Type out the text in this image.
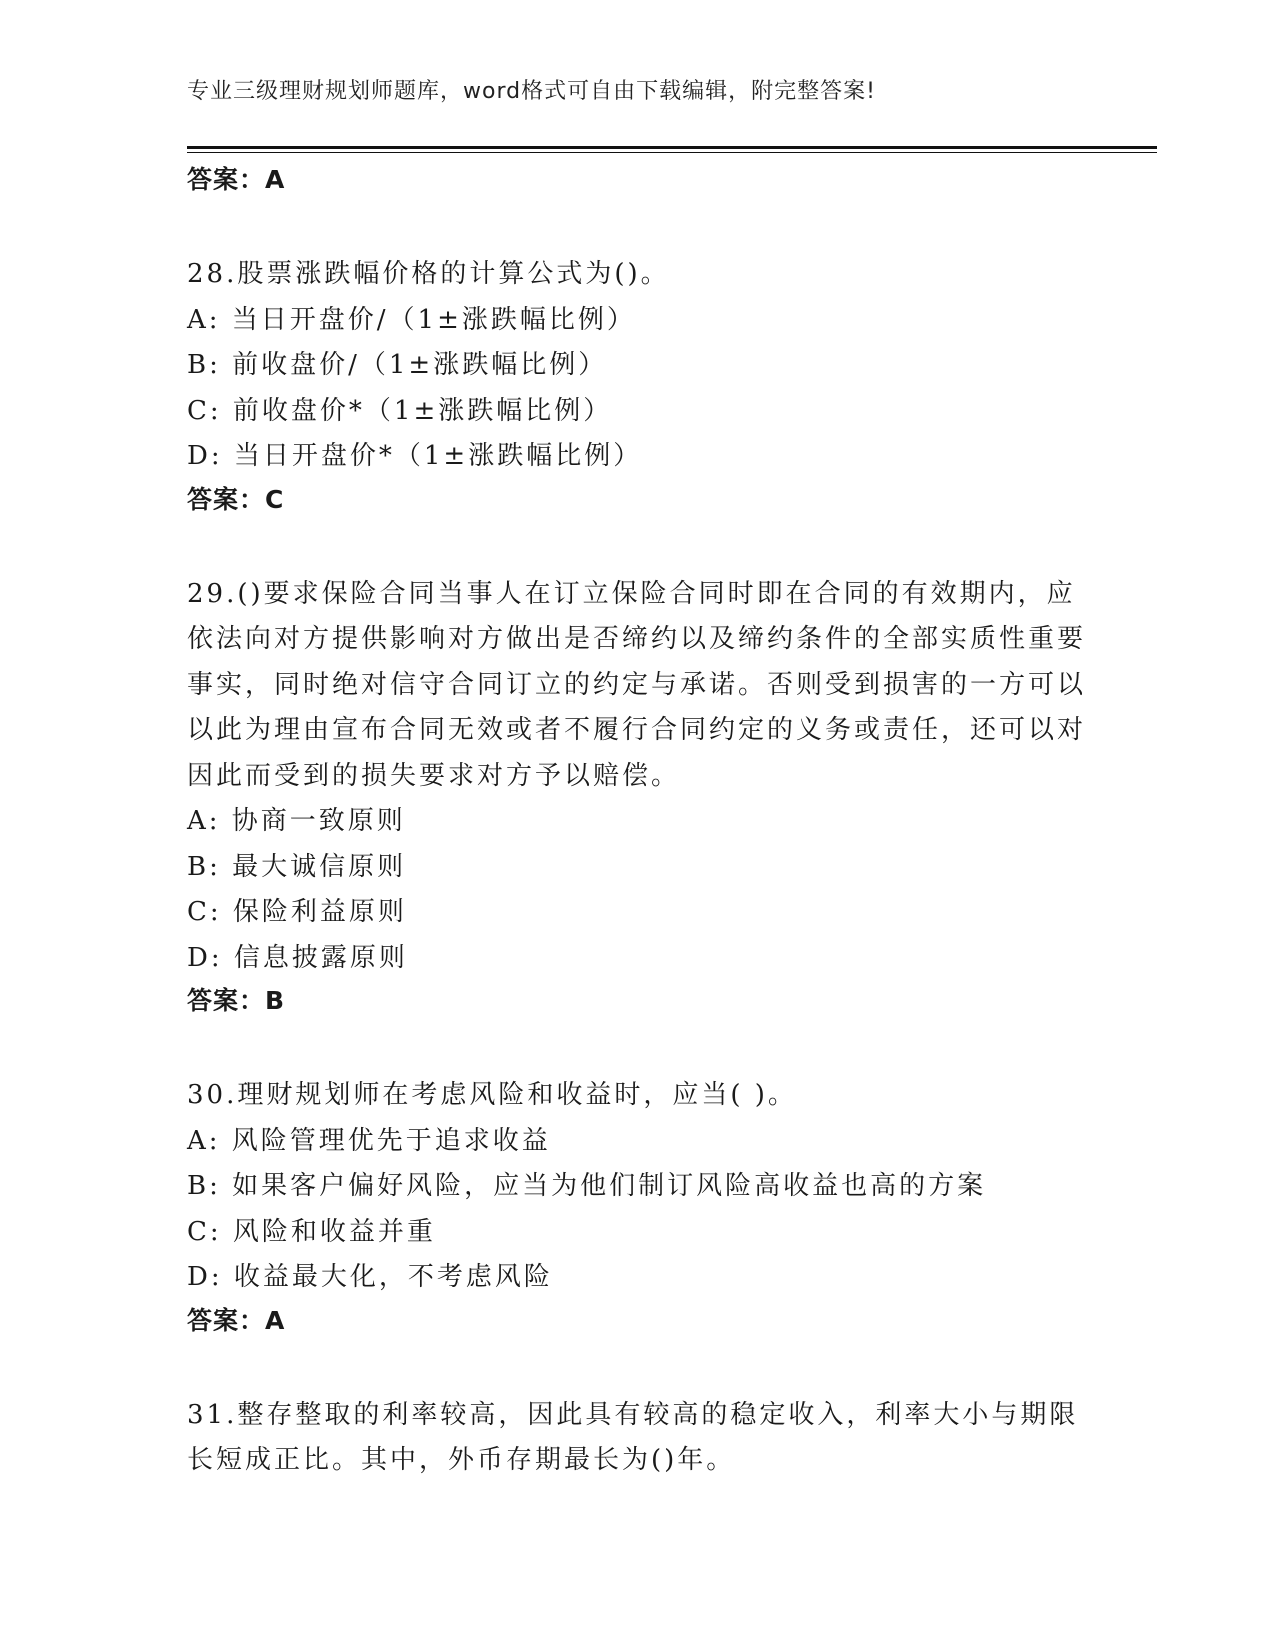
专业三级理财规划师题库，word格式可自由下载编辑，附完整答案!

答案：A

28.股票涨跌幅价格的计算公式为()。

A: 当日开盘价/（1±涨跌幅比例）

B: 前收盘价/（1±涨跌幅比例）

C: 前收盘价*（1±涨跌幅比例）

D: 当日开盘价*（1±涨跌幅比例）

答案：C

29.()要求保险合同当事人在订立保险合同时即在合同的有效期内，应依法向对方提供影响对方做出是否缔约以及缔约条件的全部实质性重要事实，同时绝对信守合同订立的约定与承诺。否则受到损害的一方可以以此为理由宣布合同无效或者不履行合同约定的义务或责任，还可以对因此而受到的损失要求对方予以赔偿。

A: 协商一致原则

B: 最大诚信原则

C: 保险利益原则

D: 信息披露原则

答案：B

30.理财规划师在考虑风险和收益时，应当( )。

A: 风险管理优先于追求收益

B: 如果客户偏好风险，应当为他们制订风险高收益也高的方案

C: 风险和收益并重

D: 收益最大化，不考虑风险

答案：A

31.整存整取的利率较高，因此具有较高的稳定收入，利率大小与期限长短成正比。其中，外币存期最长为()年。
